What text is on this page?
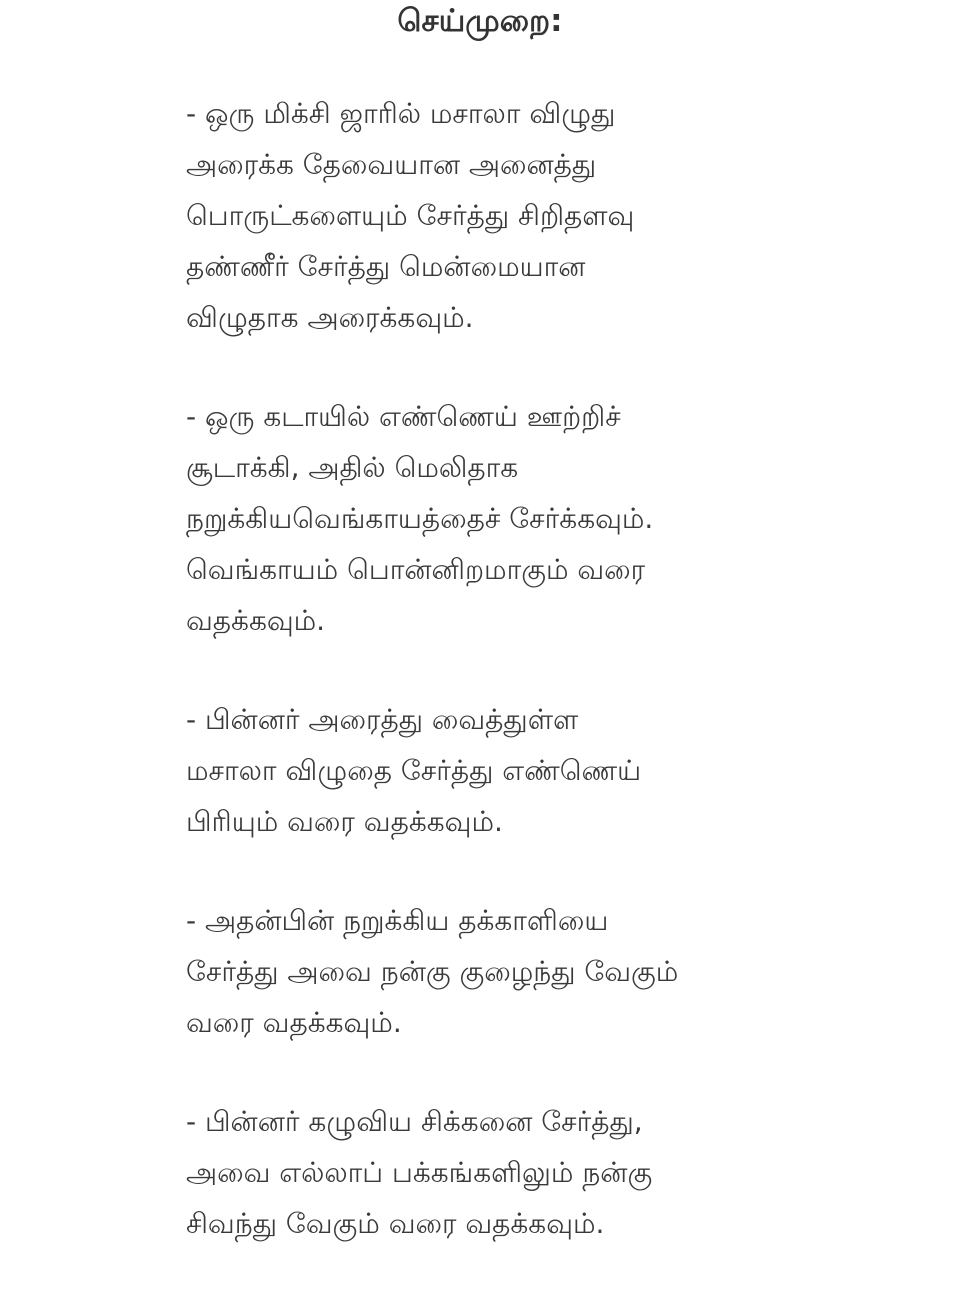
செய்முறை:
- ஒரு மிக்சி ஜாரில் மசாலா விழுது
அரைக்க தேவையான அனைத்து
பொருட்களையும் சேர்த்து சிறிதளவு
தண்ணீர் சேர்த்து மென்மையான
விழுதாக அரைக்கவும்.
- ஒரு கடாயில் எண்ணெய் ஊற்றிச்
சூடாக்கி, அதில் மெலிதாக
நறுக்கியவெங்காயத்தைச் சேர்க்கவும்.
வெங்காயம் பொன்னிறமாகும் வரை
வதக்கவும்.
- பின்னர் அரைத்து வைத்துள்ள
மசாலா விழுதை சேர்த்து எண்ணெய்
பிரியும் வரை வதக்கவும்.
- அதன்பின் நறுக்கிய தக்காளியை
சேர்த்து அவை நன்கு குழைந்து வேகும்
வரை வதக்கவும்.
- பின்னர் கழுவிய சிக்கனை சேர்த்து,
அவை எல்லாப் பக்கங்களிலும் நன்கு
சிவந்து வேகும் வரை வதக்கவும்.
